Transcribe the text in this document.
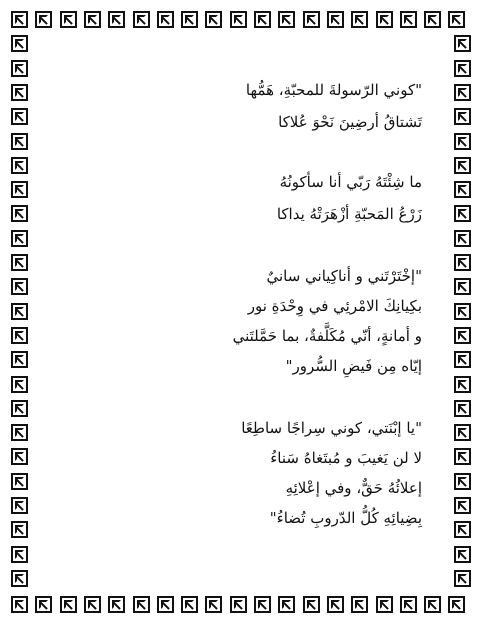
"كوني الرّسولةَ للمحبّةِ، هَمُّها
تَشتاقُ أرضِينَ نَحْوَ عُلاكا
ما شِئْتَهُ رَبّي أنا سأكونُهُ
زَرْعُ المَحبّةِ أزْهَرَتْهُ يداكا
"إخْتَرْتَني و أناكِياني سانيٌ
بكِيانِكَ الامْرئِي في وِحْدَةِ نور
و أمانةٍ، أنّي مُكَلَّفةٌ، بما حَمَّلتَني
إيّاه مِن فَيضِ السُّرور"
"يا إبْنَتي، كوني سِراجًا ساطِعًا
لا لن يَغيبَ و مُبتَغاهُ سَناءُ
إعلائُهُ حَقٌّ، وفي إعْلائِهِ
بِضِيائِهِ كُلُّ الدّروبِ تُضاءُ"
